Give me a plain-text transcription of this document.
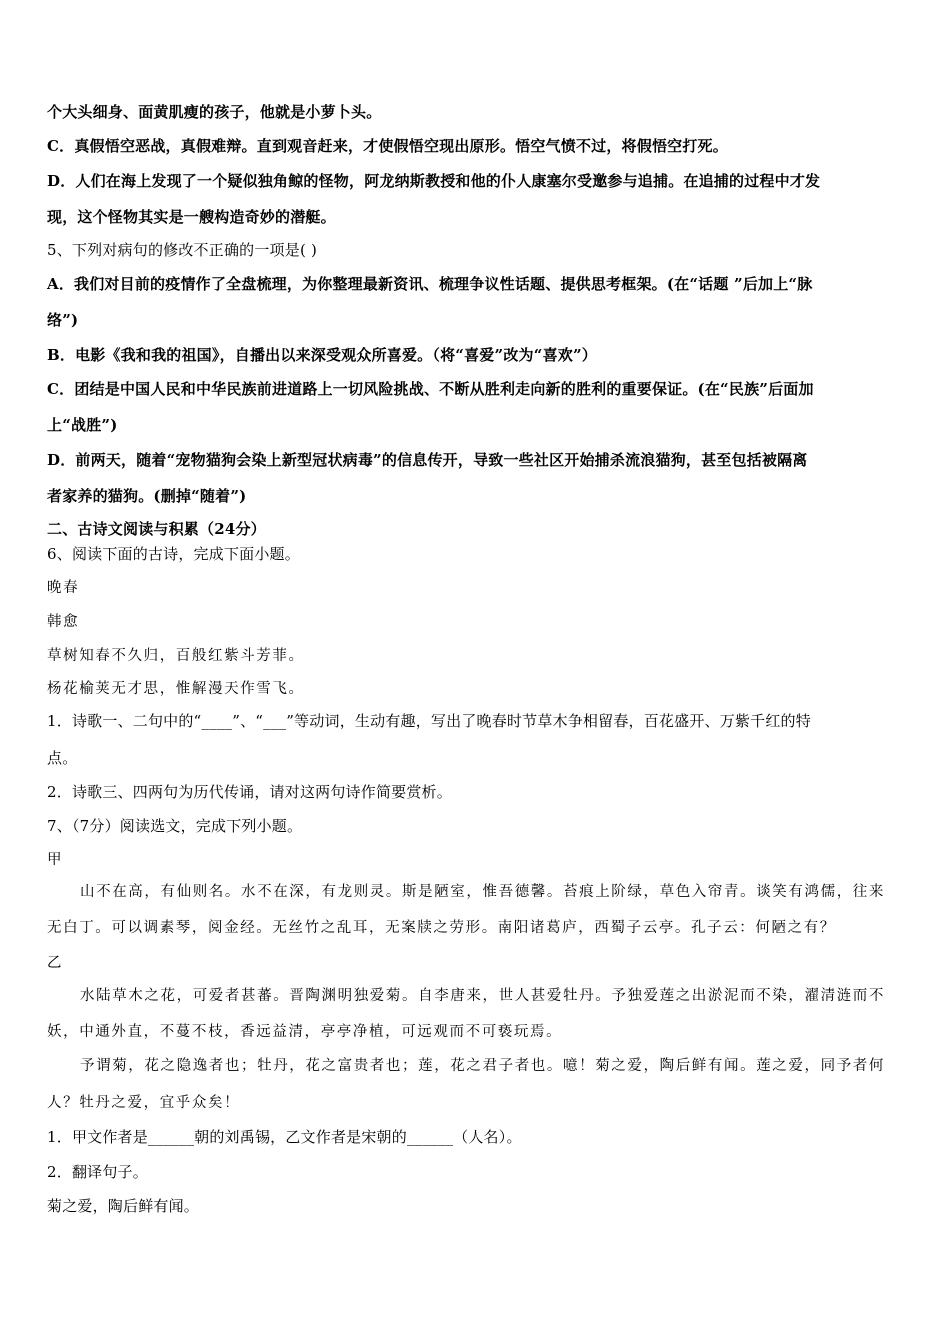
个大头细身、面黄肌瘦的孩子，他就是小萝卜头。
C．真假悟空恶战，真假难辩。直到观音赶来，才使假悟空现出原形。悟空气愤不过，将假悟空打死。
D．人们在海上发现了一个疑似独角鲸的怪物，阿龙纳斯教授和他的仆人康塞尔受邀参与追捕。在追捕的过程中才发
现，这个怪物其实是一艘构造奇妙的潜艇。
5、下列对病句的修改不正确的一项是( )
A．我们对目前的疫情作了全盘梳理，为你整理最新资讯、梳理争议性话题、提供思考框架。(在“话题 ”后加上“脉
络”)
B．电影《我和我的祖国》，自播出以来深受观众所喜爱。（将“喜爱”改为“喜欢”）
C．团结是中国人民和中华民族前进道路上一切风险挑战、不断从胜利走向新的胜利的重要保证。(在“民族”后面加
上“战胜”)
D．前两天，随着“宠物猫狗会染上新型冠状病毒”的信息传开，导致一些社区开始捕杀流浪猫狗，甚至包括被隔离
者家养的猫狗。(删掉“随着”)
二、古诗文阅读与积累（24分）
6、阅读下面的古诗，完成下面小题。
晚春
韩愈
草树知春不久归，百般红紫斗芳菲。
杨花榆荚无才思，惟解漫天作雪飞。
1．诗歌一、二句中的“____”、“___”等动词，生动有趣，写出了晚春时节草木争相留春，百花盛开、万紫千红的特
点。
2．诗歌三、四两句为历代传诵，请对这两句诗作简要赏析。
7、（7分）阅读选文，完成下列小题。
甲
山不在高，有仙则名。水不在深，有龙则灵。斯是陋室，惟吾德馨。苔痕上阶绿，草色入帘青。谈笑有鸿儒，往来
无白丁。可以调素琴，阅金经。无丝竹之乱耳，无案牍之劳形。南阳诸葛庐，西蜀子云亭。孔子云：何陋之有？
乙
水陆草木之花，可爱者甚蕃。晋陶渊明独爱菊。自李唐来，世人甚爱牡丹。予独爱莲之出淤泥而不染，濯清涟而不
妖，中通外直，不蔓不枝，香远益清，亭亭净植，可远观而不可亵玩焉。
予谓菊，花之隐逸者也；牡丹，花之富贵者也；莲，花之君子者也。噫！菊之爱，陶后鲜有闻。莲之爱，同予者何
人？牡丹之爱，宜乎众矣！
1．甲文作者是______朝的刘禹锡，乙文作者是宋朝的______（人名）。
2．翻译句子。
菊之爱，陶后鲜有闻。
